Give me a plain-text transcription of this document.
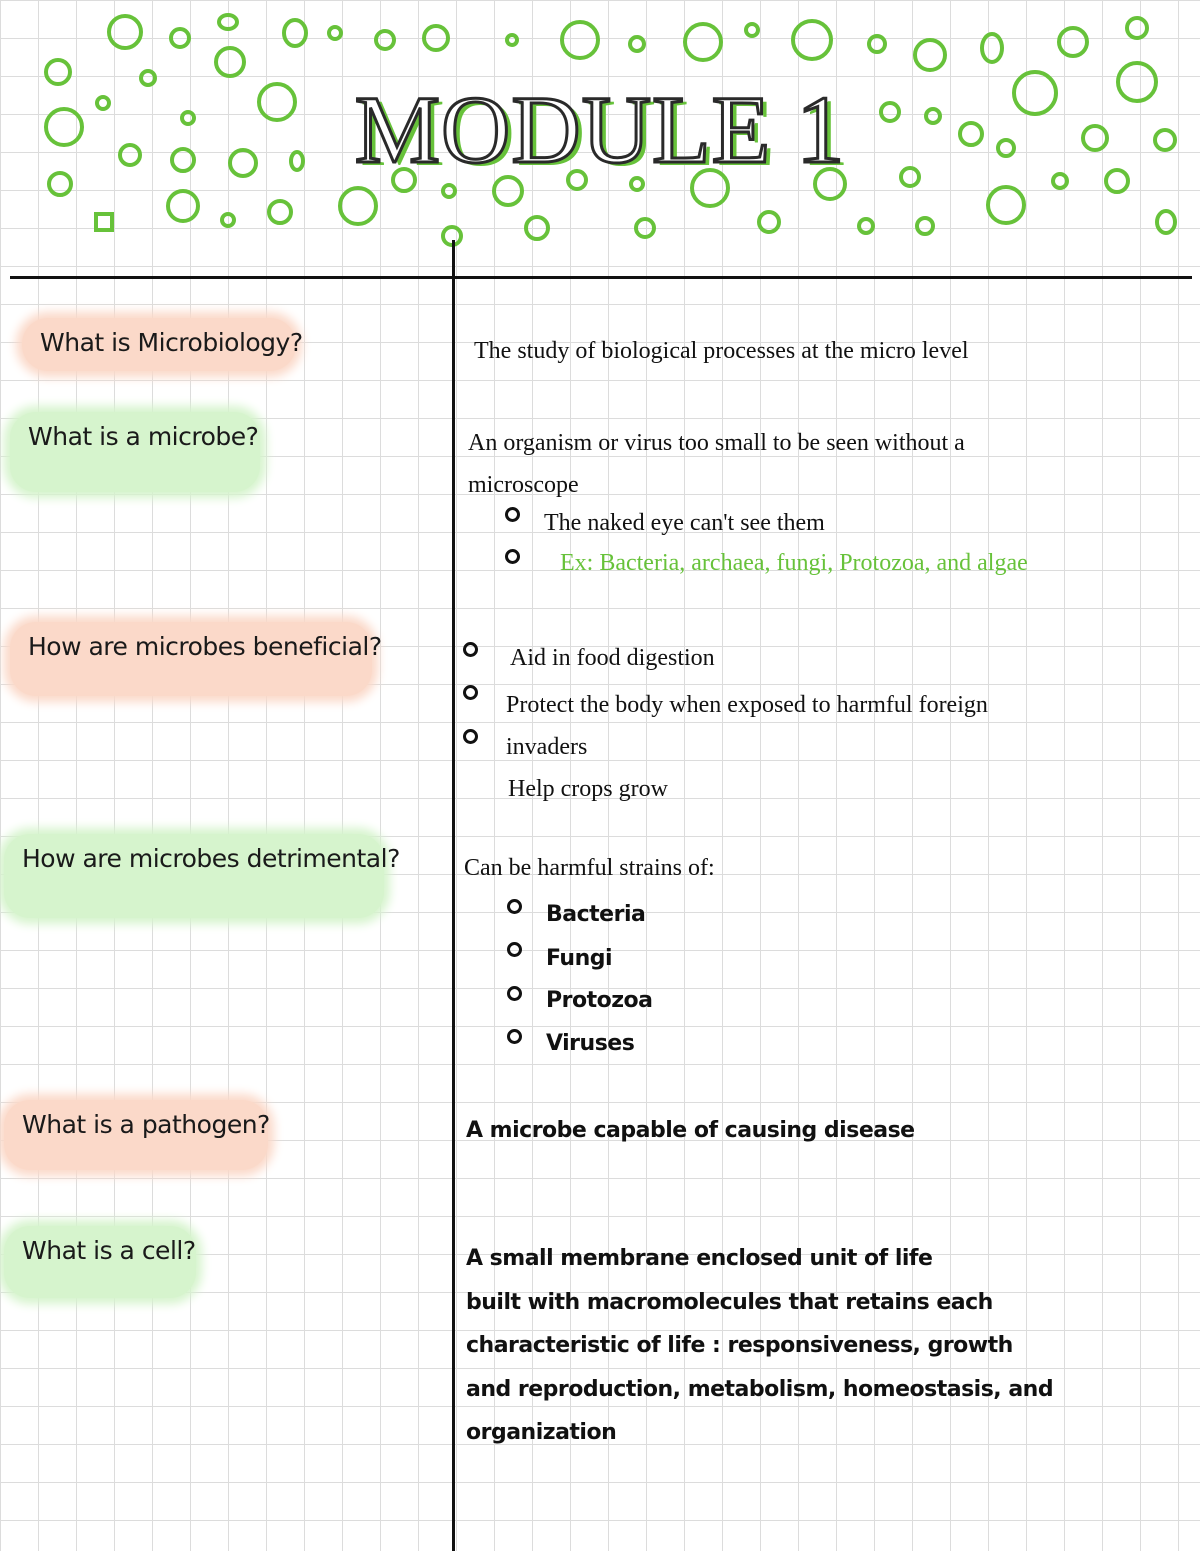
MODULE 1
What is Microbiology?
What is a microbe?
How are microbes beneficial?
How are microbes detrimental?
What is a pathogen?
What is a cell?
The study of biological processes at the micro level
An organism or virus too small to be seen without a
microscope
The naked eye can't see them
Ex: Bacteria, archaea, fungi, Protozoa, and algae
Aid in food digestion
Protect the body when exposed to harmful foreign
invaders
Help crops grow
Can be harmful strains of:
Bacteria
Fungi
Protozoa
Viruses
A microbe capable of causing disease
A small membrane enclosed unit of life
built with macromolecules that retains each
characteristic of life : responsiveness, growth
and reproduction, metabolism, homeostasis, and
organization
